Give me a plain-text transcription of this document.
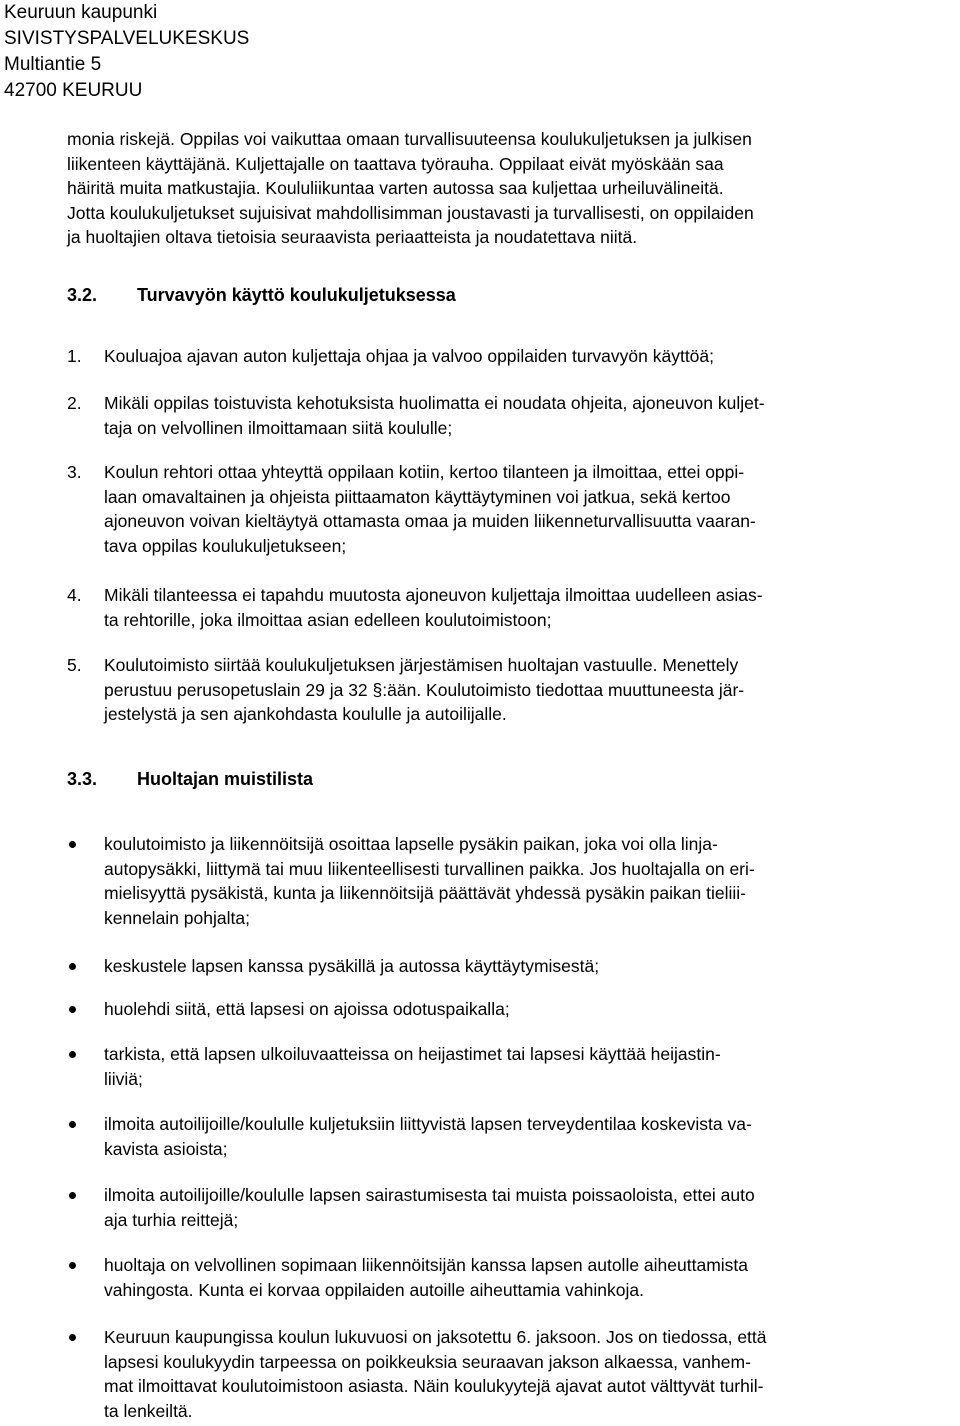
Keuruun kaupunki
SIVISTYSPALVELUKESKUS
Multiantie 5
42700 KEURUU
monia riskejä. Oppilas voi vaikuttaa omaan turvallisuuteensa koulukuljetuksen ja julkisen
liikenteen käyttäjänä. Kuljettajalle on taattava työrauha. Oppilaat eivät myöskään saa
häiritä muita matkustajia. Koululiikuntaa varten autossa saa kuljettaa urheiluvälineitä.
Jotta koulukuljetukset sujuisivat mahdollisimman joustavasti ja turvallisesti, on oppilaiden
ja huoltajien oltava tietoisia seuraavista periaatteista ja noudatettava niitä.
3.2. Turvavyön käyttö koulukuljetuksessa
1. Kouluajoa ajavan auton kuljettaja ohjaa ja valvoo oppilaiden turvavyön käyttöä;
2. Mikäli oppilas toistuvista kehotuksista huolimatta ei noudata ohjeita, ajoneuvon kuljet-
taja on velvollinen ilmoittamaan siitä koululle;
3. Koulun rehtori ottaa yhteyttä oppilaan kotiin, kertoo tilanteen ja ilmoittaa, ettei oppi-
laan omavaltainen ja ohjeista piittaamaton käyttäytyminen voi jatkua, sekä kertoo
ajoneuvon voivan kieltäytyä ottamasta omaa ja muiden liikenneturvallisuutta vaaran-
tava oppilas koulukuljetukseen;
4. Mikäli tilanteessa ei tapahdu muutosta ajoneuvon kuljettaja ilmoittaa uudelleen asias-
ta rehtorille, joka ilmoittaa asian edelleen koulutoimistoon;
5. Koulutoimisto siirtää koulukuljetuksen järjestämisen huoltajan vastuulle. Menettely
perustuu perusopetuslain 29 ja 32 §:ään. Koulutoimisto tiedottaa muuttuneesta jär-
jestelystä ja sen ajankohdasta koululle ja autoilijalle.
3.3. Huoltajan muistilista
koulutoimisto ja liikennöitsijä osoittaa lapselle pysäkin paikan, joka voi olla linja-
autopysäkki, liittymä tai muu liikenteellisesti turvallinen paikka. Jos huoltajalla on eri-
mielisyyttä pysäkistä, kunta ja liikennöitsijä päättävät yhdessä pysäkin paikan tieliii-
kennelain pohjalta;
keskustele lapsen kanssa pysäkillä ja autossa käyttäytymisestä;
huolehdi siitä, että lapsesi on ajoissa odotuspaikalla;
tarkista, että lapsen ulkoiluvaatteissa on heijastimet tai lapsesi käyttää heijastin-
liiviä;
ilmoita autoilijoille/koululle kuljetuksiin liittyvistä lapsen terveydentilaa koskevista va-
kavista asioista;
ilmoita autoilijoille/koululle lapsen sairastumisesta tai muista poissaoloista, ettei auto
aja turhia reittejä;
huoltaja on velvollinen sopimaan liikennöitsijän kanssa lapsen autolle aiheuttamista
vahingosta. Kunta ei korvaa oppilaiden autoille aiheuttamia vahinkoja.
Keuruun kaupungissa koulun lukuvuosi on jaksotettu 6. jaksoon. Jos on tiedossa, että
lapsesi koulukyydin tarpeessa on poikkeuksia seuraavan jakson alkaessa, vanhem-
mat ilmoittavat koulutoimistoon asiasta. Näin koulukyytejä ajavat autot välttyvät turhil-
ta lenkeiltä.
